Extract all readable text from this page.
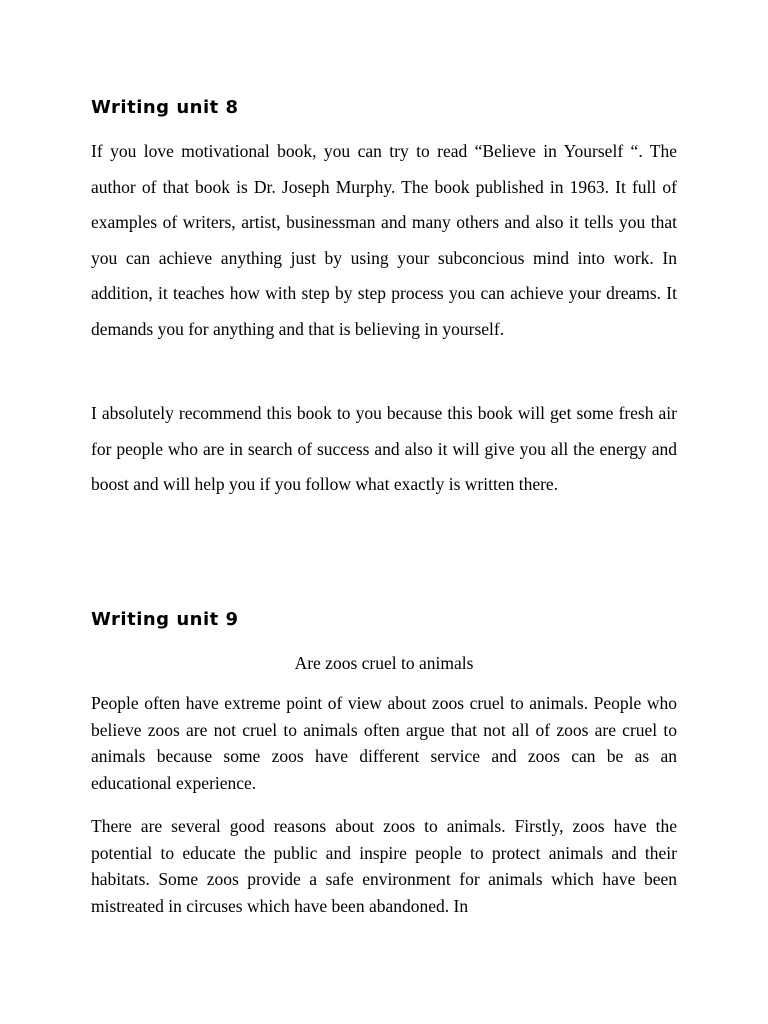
Writing unit 8

If you love motivational book, you can try to read “Believe in Yourself “. The author of that book is Dr. Joseph Murphy. The book published in 1963. It full of examples of writers, artist, businessman and many others and also it tells you that you can achieve anything just by using your subconcious mind into work. In addition, it teaches how with step by step process you can achieve your dreams. It demands you for anything and that is believing in yourself.

I absolutely recommend this book to you because this book will get some fresh air for people who are in search of success and also it will give you all the energy and boost and will help you if you follow what exactly is written there.

Writing unit 9

Are zoos cruel to animals

People often have extreme point of view about zoos cruel to animals. People who believe zoos are not cruel to animals often argue that not all of zoos are cruel to animals because some zoos have different service and zoos can be as an educational experience.

There are several good reasons about zoos to animals. Firstly, zoos have the potential to educate the public and inspire people to protect animals and their habitats. Some zoos provide a safe environment for animals which have been mistreated in circuses which have been abandoned. In
